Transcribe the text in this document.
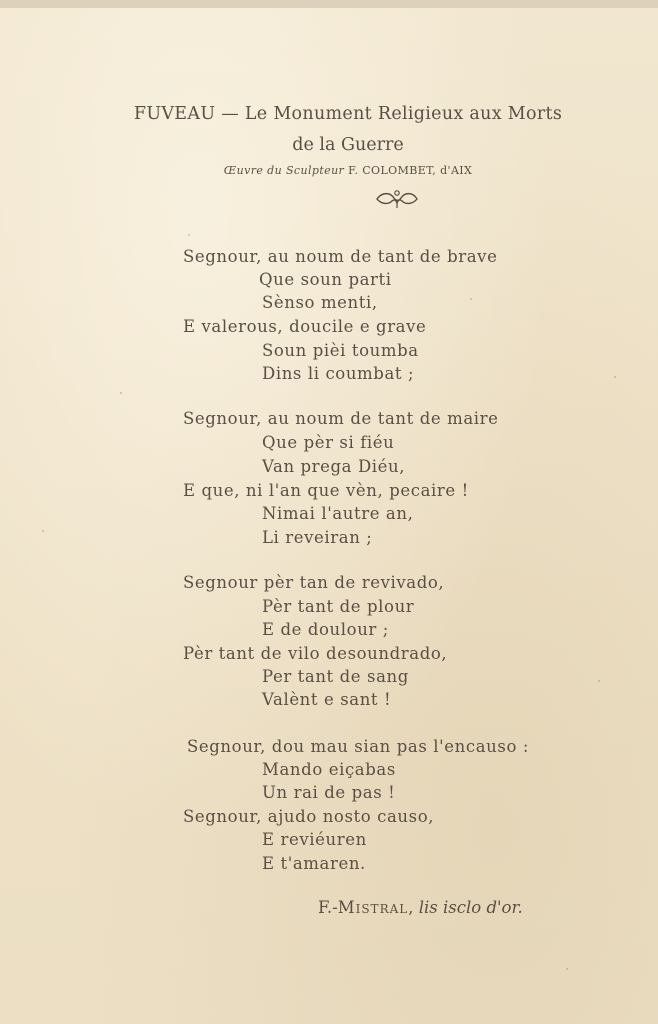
FUVEAU — Le Monument Religieux aux Morts
de la Guerre
Œuvre du Sculpteur F. COLOMBET, d'AIX
Segnour, au noum de tant de brave
Que soun parti
Sènso menti,
E valerous, doucile e grave
Soun pièi toumba
Dins li coumbat ;
Segnour, au noum de tant de maire
Que pèr si fiéu
Van prega Diéu,
E que, ni l'an que vèn, pecaire !
Nimai l'autre an,
Li reveiran ;
Segnour pèr tan de revivado,
Pèr tant de plour
E de doulour ;
Pèr tant de vilo desoundrado,
Per tant de sang
Valènt e sant !
Segnour, dou mau sian pas l'encauso :
Mando eiçabas
Un rai de pas !
Segnour, ajudo nosto causo,
E reviéuren
E t'amaren.
F.-Mistral, lis isclo d'or.
